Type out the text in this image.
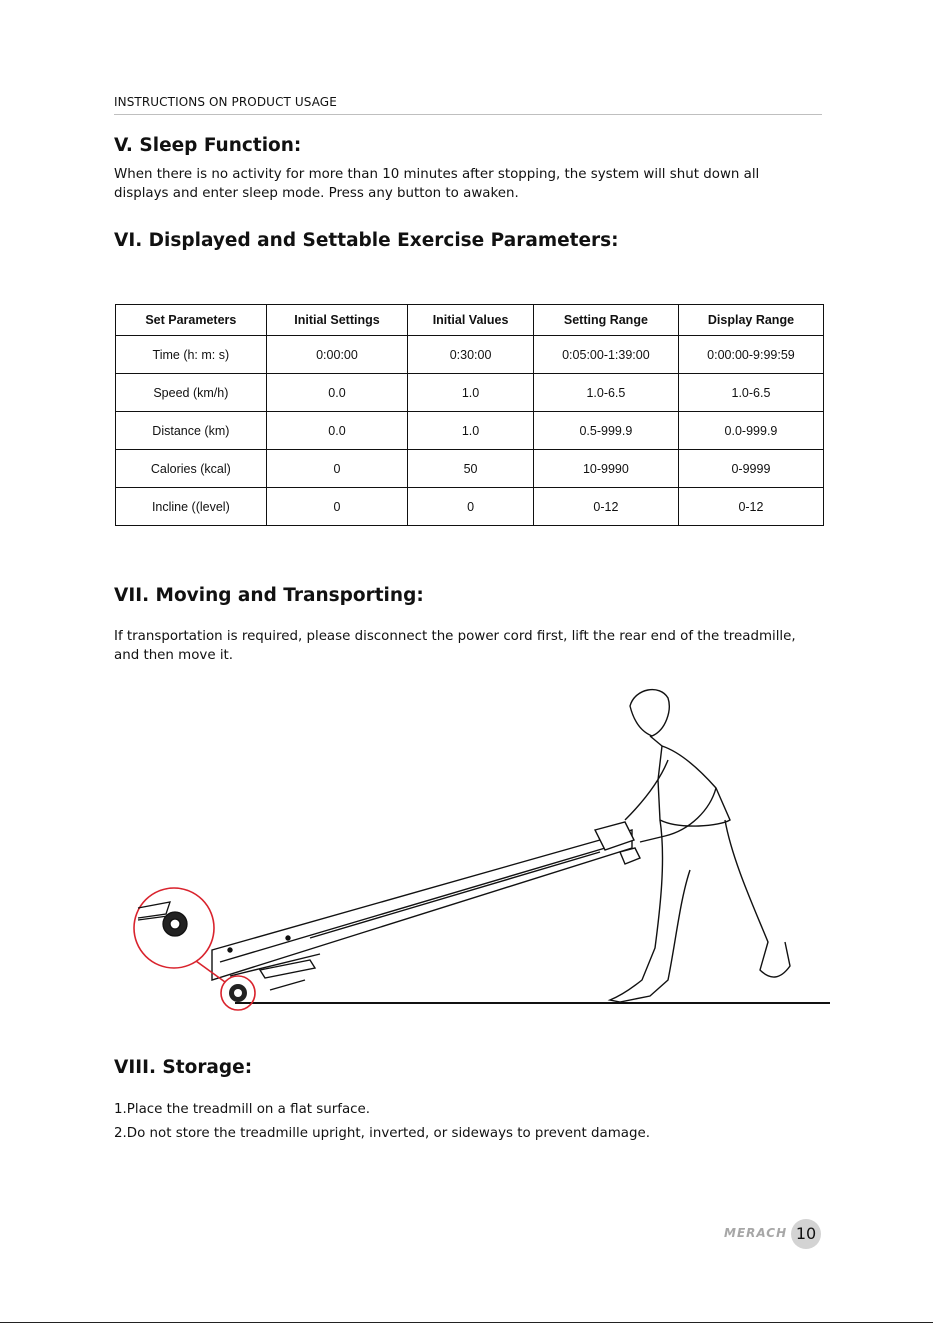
INSTRUCTIONS ON PRODUCT USAGE
V. Sleep Function:
When there is no activity for more than 10 minutes after stopping, the system will shut down all
displays and enter sleep mode. Press any button to awaken.
VI. Displayed and Settable Exercise Parameters:
Set Parameters	Initial Settings	Initial Values	Setting Range	Display Range
Time (h: m: s)	0:00:00	0:30:00	0:05:00-1:39:00	0:00:00-9:99:59
Speed (km/h)	0.0	1.0	1.0-6.5	1.0-6.5
Distance (km)	0.0	1.0	0.5-999.9	0.0-999.9
Calories (kcal)	0	50	10-9990	0-9999
Incline ((level)	0	0	0-12	0-12
VII. Moving and Transporting:
If transportation is required, please disconnect the power cord first, lift the rear end of the treadmille,
and then move it.
VIII. Storage:
1.Place the treadmill on a flat surface.
2.Do not store the treadmille upright, inverted, or sideways to prevent damage.
MERACH 10
